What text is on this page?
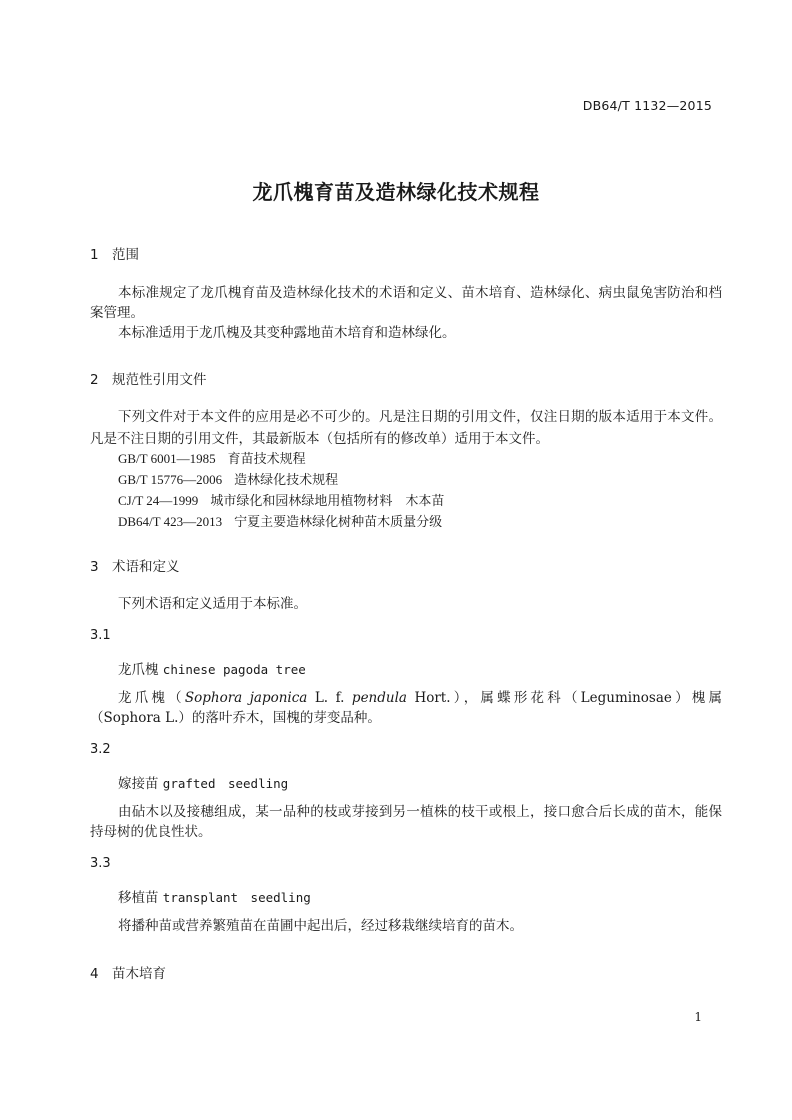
DB64/T 1132—2015
龙爪槐育苗及造林绿化技术规程
1 范围
本标准规定了龙爪槐育苗及造林绿化技术的术语和定义、苗木培育、造林绿化、病虫鼠兔害防治和档案管理。
本标准适用于龙爪槐及其变种露地苗木培育和造林绿化。
2 规范性引用文件
下列文件对于本文件的应用是必不可少的。凡是注日期的引用文件，仅注日期的版本适用于本文件。凡是不注日期的引用文件，其最新版本（包括所有的修改单）适用于本文件。
GB/T 6001—1985 育苗技术规程
GB/T 15776—2006 造林绿化技术规程
CJ/T 24—1999 城市绿化和园林绿地用植物材料　木本苗
DB64/T 423—2013 宁夏主要造林绿化树种苗木质量分级
3 术语和定义
下列术语和定义适用于本标准。
3.1
龙爪槐 chinese pagoda tree
龙爪槐（Sophora japonica L. f. pendula Hort.），属蝶形花科（Leguminosae）槐属（Sophora L.）的落叶乔木，国槐的芽变品种。
3.2
嫁接苗 grafted　seedling
由砧木以及接穗组成，某一品种的枝或芽接到另一植株的枝干或根上，接口愈合后长成的苗木，能保持母树的优良性状。
3.3
移植苗 transplant　seedling
将播种苗或营养繁殖苗在苗圃中起出后，经过移栽继续培育的苗木。
4 苗木培育
1
